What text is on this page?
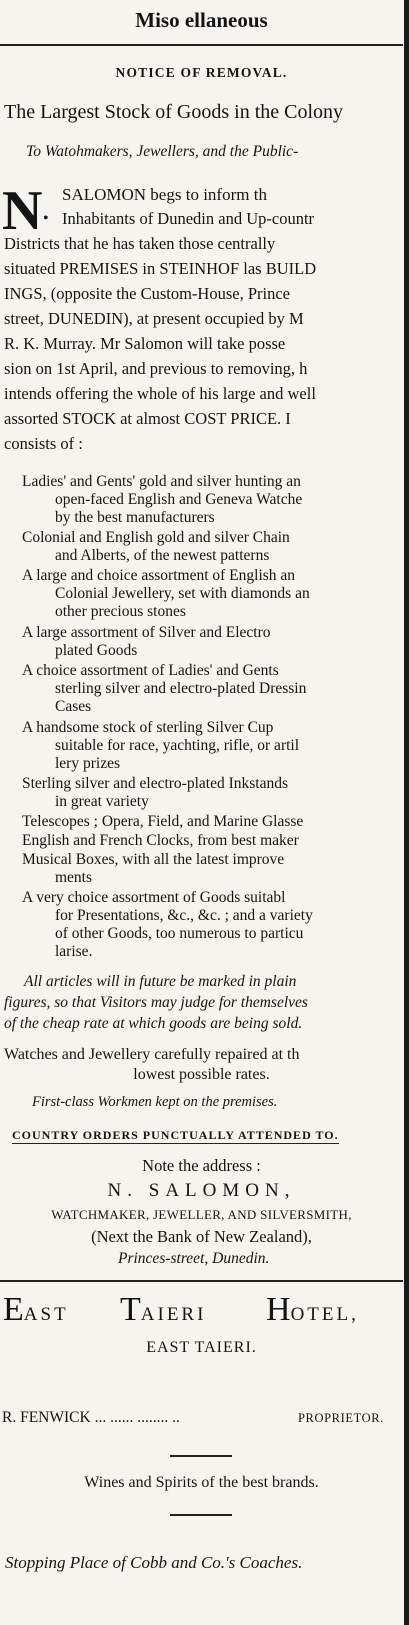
Miso ellaneous
NOTICE OF REMOVAL.
The Largest Stock of Goods in the Colony
To Watohmakers, Jewellers, and the Public-
N •
SALOMON begs to inform th
Inhabitants of Dunedin and Up-countr
Districts that he has taken those centrally
situated PREMISES in STEINHOF las BUILD
INGS, (opposite the Custom-House, Prince
street, DUNEDIN), at present occupied by M
R. K. Murray. Mr Salomon will take posse
sion on 1st April, and previous to removing, h
intends offering the whole of his large and well
assorted STOCK at almost COST PRICE. I
consists of :
Ladies' and Gents' gold and silver hunting an
open-faced English and Geneva Watche
by the best manufacturers
Colonial and English gold and silver Chain
and Alberts, of the newest patterns
A large and choice assortment of English an
Colonial Jewellery, set with diamonds an
other precious stones
A large assortment of Silver and Electro
plated Goods
A choice assortment of Ladies' and Gents
sterling silver and electro-plated Dressin
Cases
A handsome stock of sterling Silver Cup
suitable for race, yachting, rifle, or artil
lery prizes
Sterling silver and electro-plated Inkstands
in great variety
Telescopes ; Opera, Field, and Marine Glasse
English and French Clocks, from best maker
Musical Boxes, with all the latest improve
ments
A very choice assortment of Goods suitabl
for Presentations, &c., &c. ; and a variety
of other Goods, too numerous to particu
larise.
All articles will in future be marked in plain
figures, so that Visitors may judge for themselves
of the cheap rate at which goods are being sold.
Watches and Jewellery carefully repaired at th
lowest possible rates.
First-class Workmen kept on the premises.
COUNTRY ORDERS PUNCTUALLY ATTENDED TO.
Note the address :
N. SALOMON,
WATCHMAKER, JEWELLER, AND SILVERSMITH,
(Next the Bank of New Zealand),
Princes-street, Dunedin.
EAST TAIERI HOTEL,
EAST TAIERI.
R. FENWICK ... ...... ........ ..	PROPRIETOR.
Wines and Spirits of the best brands.
Stopping Place of Cobb and Co.'s Coaches.
